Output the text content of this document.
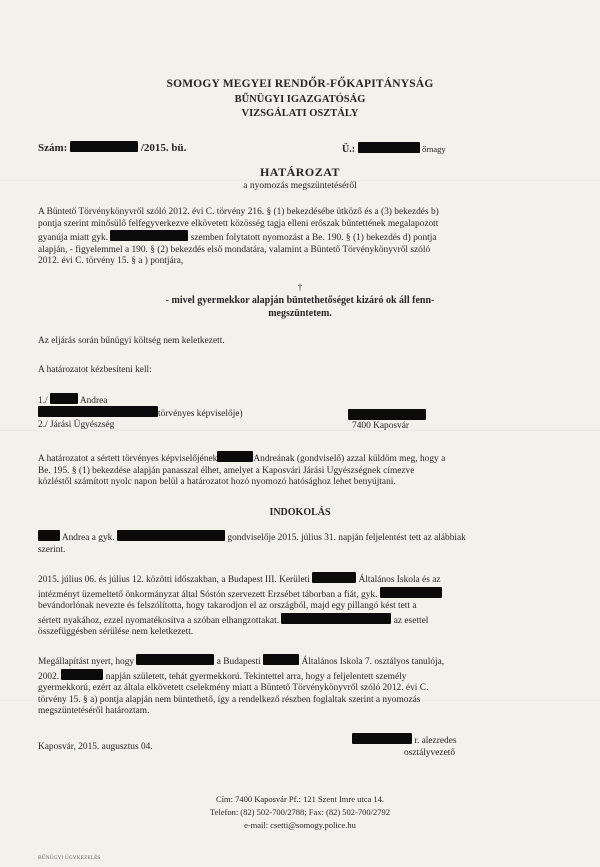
SOMOGY MEGYEI RENDŐR-FŐKAPITÁNYSÁG
BŰNÜGYI IGAZGATÓSÁG
VIZSGÁLATI OSZTÁLY
Szám:	/2015. bü.	Ü.:	őrnagy
HATÁROZAT
a nyomozás megszüntetéséről
A Büntető Törvénykönyvről szóló 2012. évi C. törvény 216. § (1) bekezdésébe ütköző és a (3) bekezdés b)
pontja szerint minősülő felfegyverkezve elkövetett közösség tagja elleni erőszak bűntettének megalapozott
gyanúja miatt gyk.	szemben folytatott nyomozást a Be. 190. § (1) bekezdés d) pontja
alapján, - figyelemmel a 190. § (2) bekezdés első mondatára, valamint a Büntető Törvénykönyvről szóló
2012. évi C. törvény 15. § a ) pontjára,
†
- mivel gyermekkor alapján büntethetőséget kizáró ok áll fenn-
megszüntetem.
Az eljárás során bűnügyi költség nem keletkezett.
A határozatot kézbesíteni kell:
1./	Andrea
törvényes képviselője)
2./ Járási Ügyészség	7400 Kaposvár
A határozatot a sértett törvényes képviselőjének	Andreának (gondviselő) azzal küldöm meg, hogy a
Be. 195. § (1) bekezdése alapján panasszal élhet, amelyet a Kaposvári Járási Ügyészségnek címezve
közléstől számított nyolc napon belül a határozatot hozó nyomozó hatósághoz lehet benyújtani.
INDOKOLÁS
Andrea a gyk.	gondviselője 2015. július 31. napján feljelentést tett az alábbiak
szerint.
2015. július 06. és július 12. közötti időszakban, a Budapest III. Kerületi	Általános Iskola és az
intézményt üzemeltető önkormányzat által Sóstón szervezett Erzsébet táborban a fiát, gyk.
bevándorlónak nevezte és felszólította, hogy takarodjon el az országból, majd egy pillangó kést tett a
sértett nyakához, ezzel nyomatékosítva a szóban elhangzottakat.	az esettel
összefüggésben sérülése nem keletkezett.
Megállapítást nyert, hogy	a Budapesti	Általános Iskola 7. osztályos tanulója,
2002.	napján született, tehát gyermekkorú. Tekintettel arra, hogy a feljelentett személy
gyermekkorú, ezért az általa elkövetett cselekmény miatt a Büntető Törvénykönyvről szóló 2012. évi C.
törvény 15. § a) pontja alapján nem büntethető, így a rendelkező részben foglaltak szerint a nyomozás
megszüntetéséről határoztam.
Kaposvár, 2015. augusztus 04.
r. alezredes
osztályvezető
Cím: 7400 Kaposvár Pf.: 121 Szent Imre utca 14.
Telefon: (82) 502-700/2788; Fax: (82) 502-700/2792
e-mail: csetti@somogy.police.hu
BŰNÜGYI ÜGYKEZELÉS
